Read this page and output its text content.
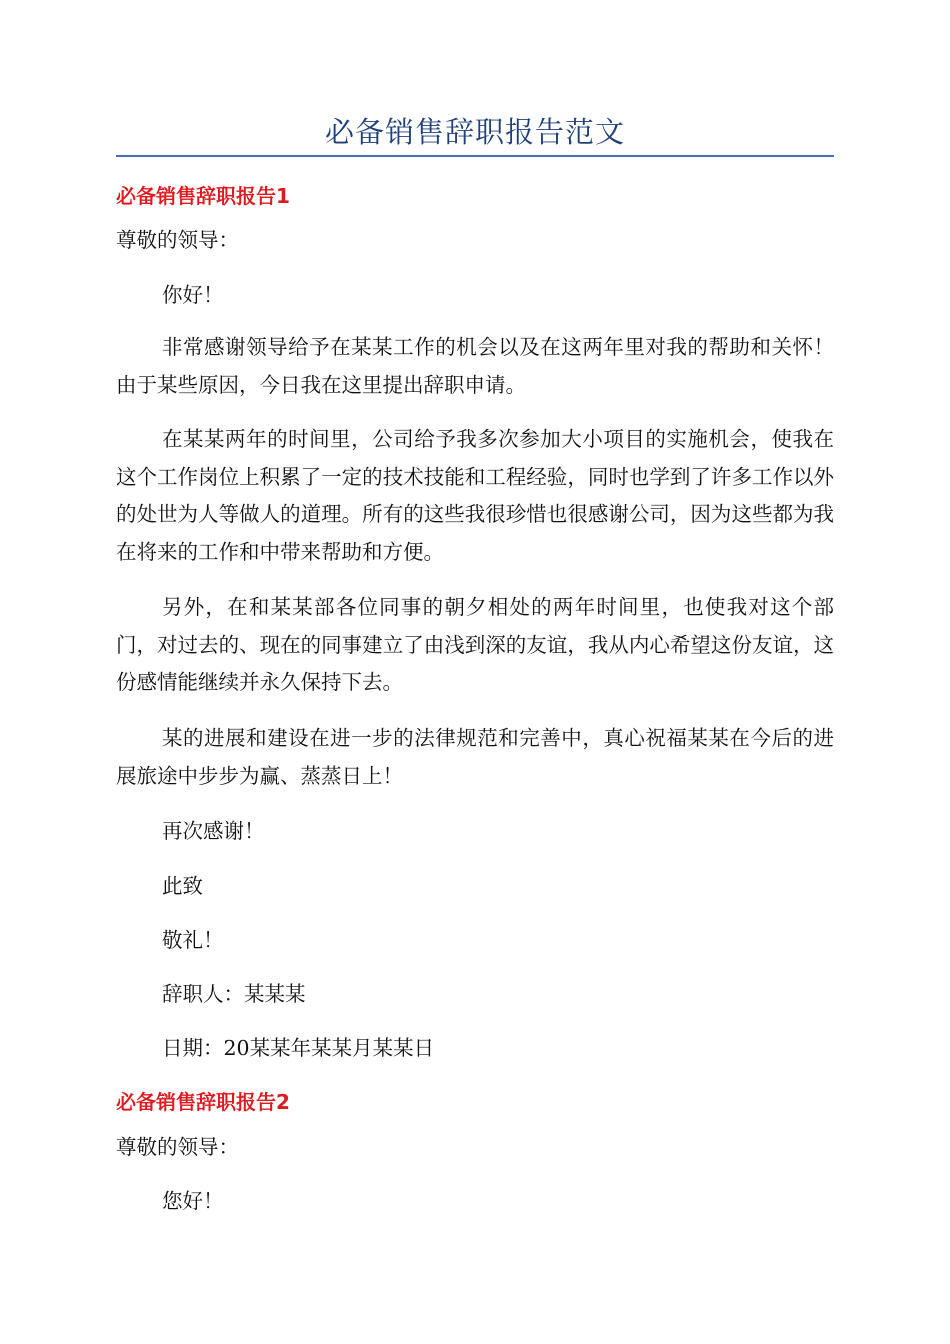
必备销售辞职报告范文
必备销售辞职报告1
尊敬的领导：
你好！
非常感谢领导给予在某某工作的机会以及在这两年里对我的帮助和关怀！由于某些原因，今日我在这里提出辞职申请。
在某某两年的时间里，公司给予我多次参加大小项目的实施机会，使我在这个工作岗位上积累了一定的技术技能和工程经验，同时也学到了许多工作以外的处世为人等做人的道理。所有的这些我很珍惜也很感谢公司，因为这些都为我在将来的工作和中带来帮助和方便。
另外，在和某某部各位同事的朝夕相处的两年时间里，也使我对这个部门，对过去的、现在的同事建立了由浅到深的友谊，我从内心希望这份友谊，这份感情能继续并永久保持下去。
某的进展和建设在进一步的法律规范和完善中，真心祝福某某在今后的进展旅途中步步为赢、蒸蒸日上！
再次感谢！
此致
敬礼！
辞职人：某某某
日期：20某某年某某月某某日
必备销售辞职报告2
尊敬的领导：
您好！
